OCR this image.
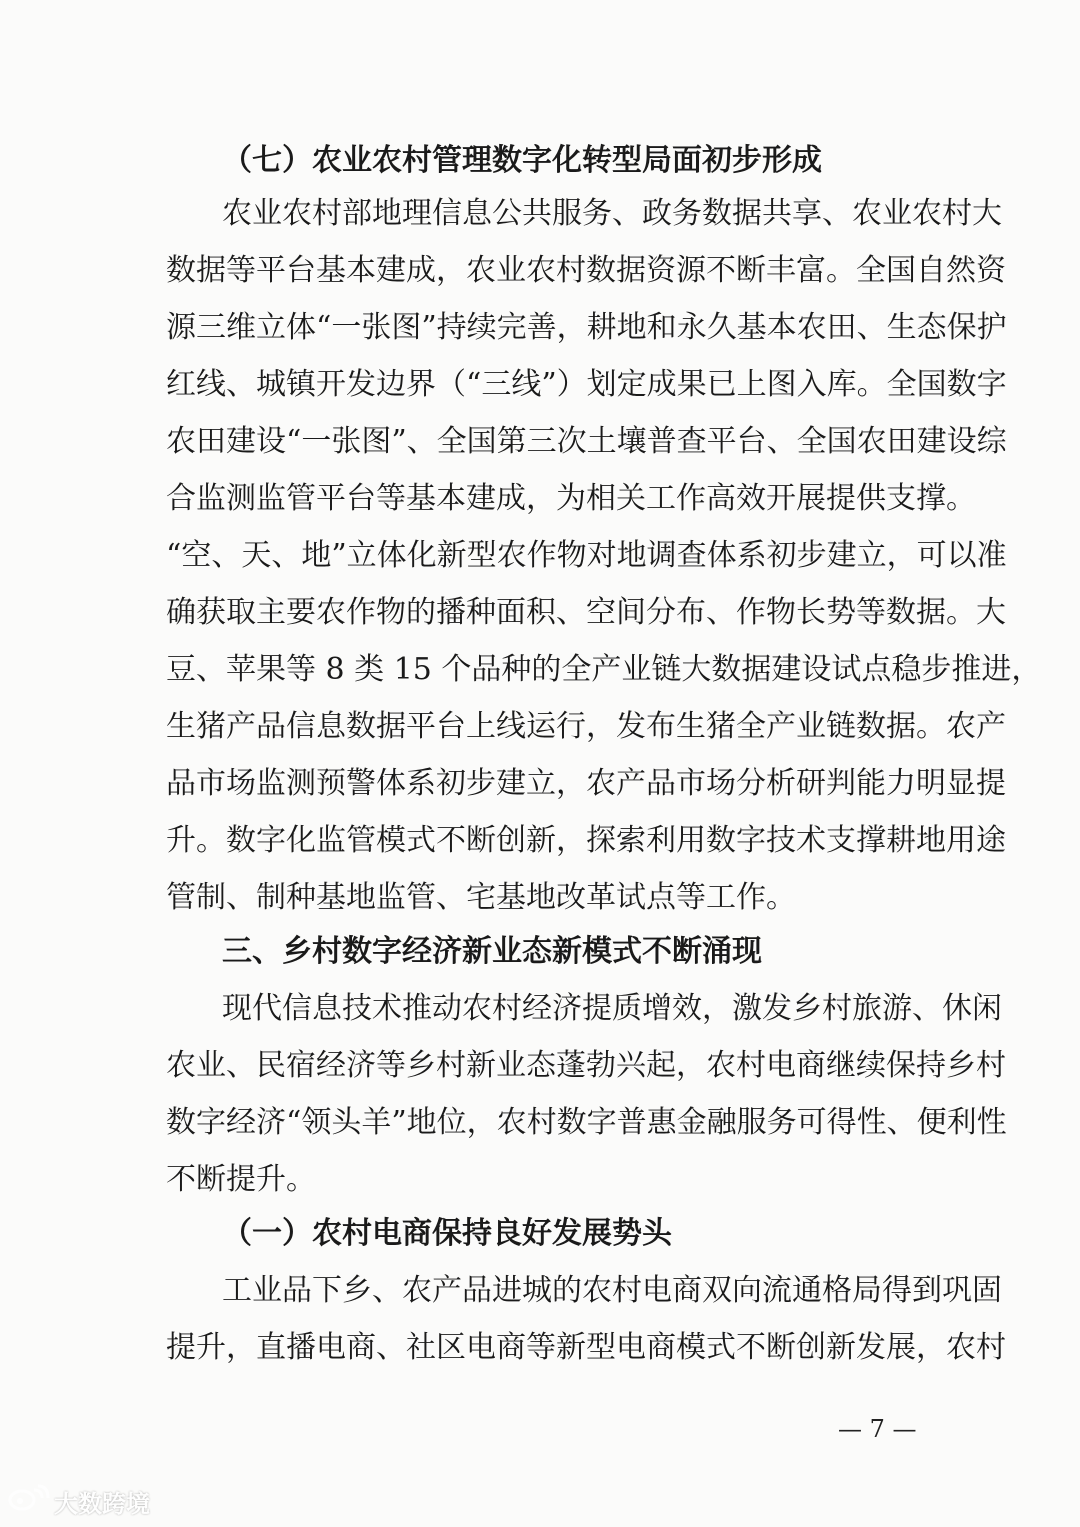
（七）农业农村管理数字化转型局面初步形成
农业农村部地理信息公共服务、政务数据共享、农业农村大
数据等平台基本建成，农业农村数据资源不断丰富。全国自然资
源三维立体“一张图”持续完善，耕地和永久基本农田、生态保护
红线、城镇开发边界（“三线”）划定成果已上图入库。全国数字
农田建设“一张图”、全国第三次土壤普查平台、全国农田建设综
合监测监管平台等基本建成，为相关工作高效开展提供支撑。
“空、天、地”立体化新型农作物对地调查体系初步建立，可以准
确获取主要农作物的播种面积、空间分布、作物长势等数据。大
豆、苹果等 8 类 15 个品种的全产业链大数据建设试点稳步推进，
生猪产品信息数据平台上线运行，发布生猪全产业链数据。农产
品市场监测预警体系初步建立，农产品市场分析研判能力明显提
升。数字化监管模式不断创新，探索利用数字技术支撑耕地用途
管制、制种基地监管、宅基地改革试点等工作。
三、乡村数字经济新业态新模式不断涌现
现代信息技术推动农村经济提质增效，激发乡村旅游、休闲
农业、民宿经济等乡村新业态蓬勃兴起，农村电商继续保持乡村
数字经济“领头羊”地位，农村数字普惠金融服务可得性、便利性
不断提升。
（一）农村电商保持良好发展势头
工业品下乡、农产品进城的农村电商双向流通格局得到巩固
提升，直播电商、社区电商等新型电商模式不断创新发展，农村
— 7 —
大数跨境
